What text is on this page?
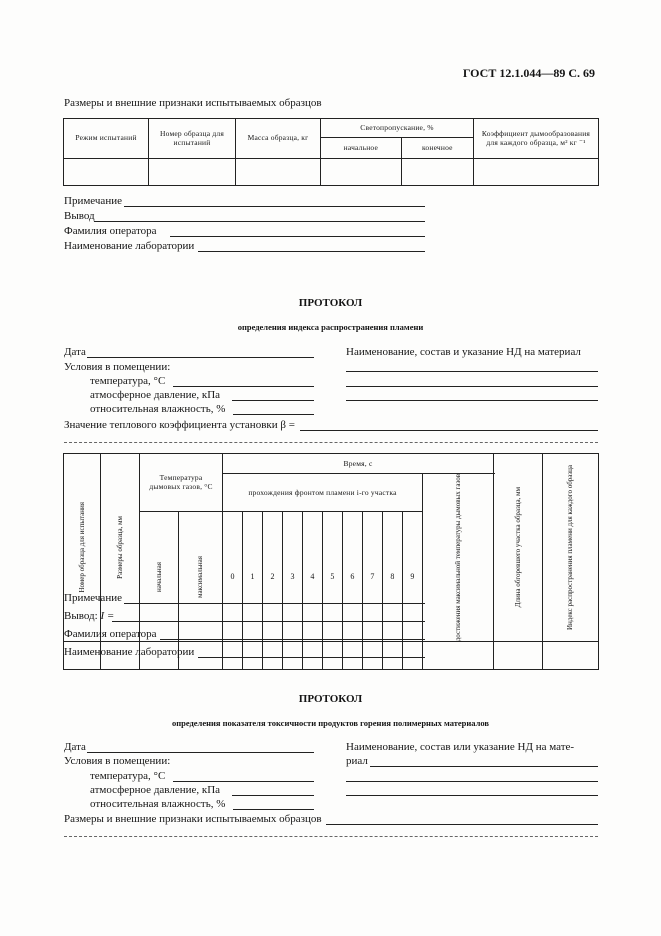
ГОСТ 12.1.044—89 С. 69
Размеры и внешние признаки испытываемых образцов
Режим испытаний	Номер образца для испытаний	Масса образца, кг	Светопропускание, %		Коэффициент дымообразования для каждого образца, м² кг ⁻¹

			начальное	конечное	

Примечание
Вывод
Фамилия оператора
Наименование лаборатории
ПРОТОКОЛ
определения индекса распространения пламени
Дата	Наименование, состав и указание НД на материал
Условия в помещении:
температура, °C
атмосферное давление, кПа
относительная влажность, %
Значение теплового коэффициента установки β =
Номер образца для испытания	Размеры образца, мм	Температура дымовых газов, °C		Время, с											Длина обгоревшего участка образца, мм	Индекс распространения пламени для каждого образца

				прохождения фронтом пламени i-го участка										достижения максимальной температуры дымовых газов		

		начальная	максимальная	0	1	2	3	4	5	6	7	8	9			

Примечание
Вывод: I =
Фамилия оператора
Наименование лаборатории
ПРОТОКОЛ
определения показателя токсичности продуктов горения полимерных материалов
Дата	Наименование, состав или указание НД на мате-
Условия в помещении:	риал
температура, °C
атмосферное давление, кПа
относительная влажность, %
Размеры и внешние признаки испытываемых образцов
